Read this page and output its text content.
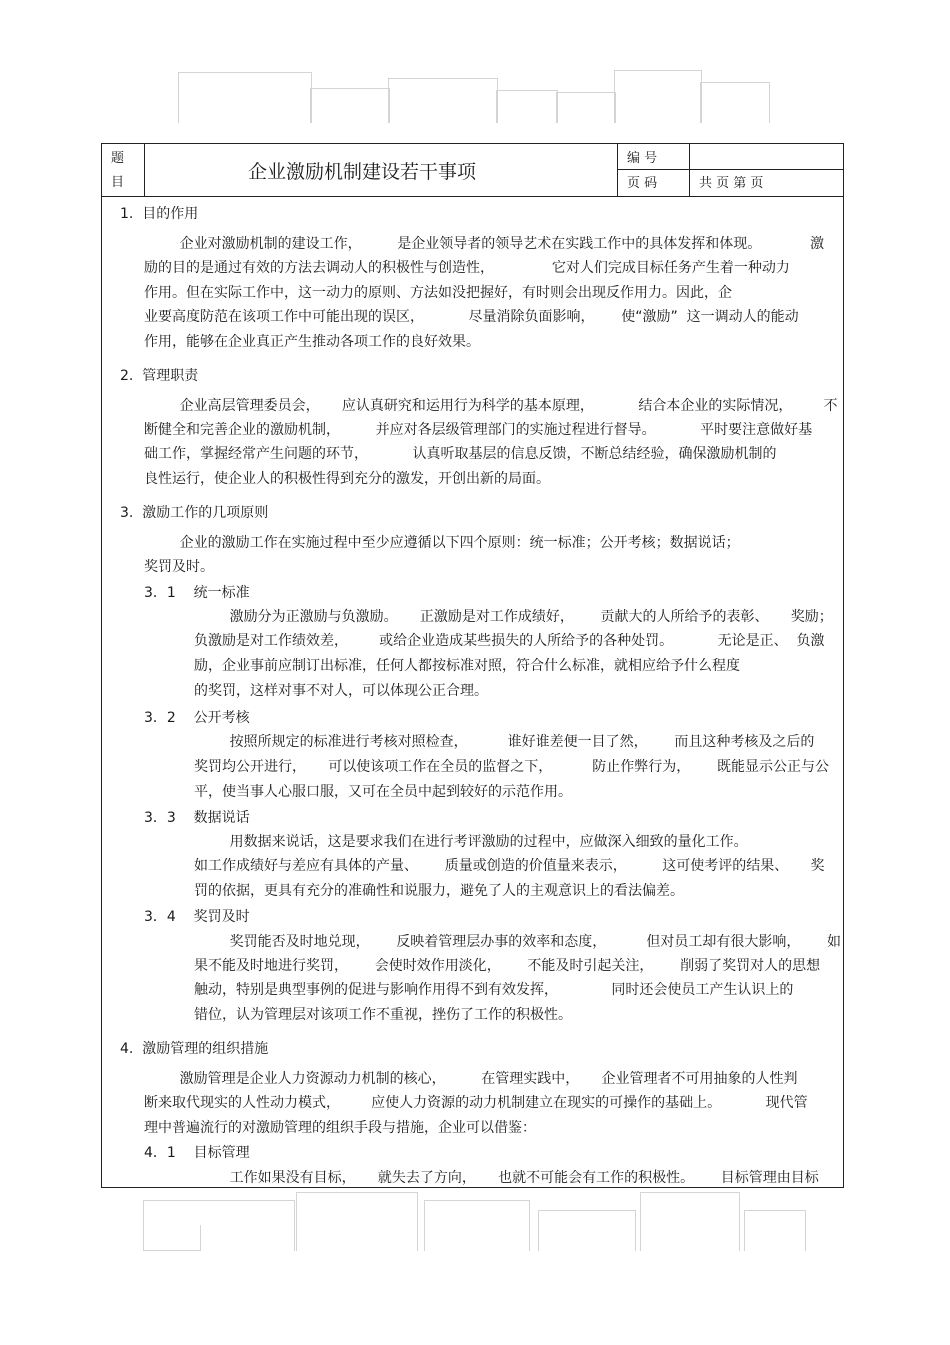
题
目	企业激励机制建设若干事项
编 号
页 码	共 页 第 页
1.  目的作用
企业对激励机制的建设工作，        是企业领导者的领导艺术在实践工作中的具体发挥和体现。           激
励的目的是通过有效的方法去调动人的积极性与创造性，             它对人们完成目标任务产生着一种动力
作用。但在实际工作中，这一动力的原则、方法如没把握好，有时则会出现反作用力。因此，企
业要高度防范在该项工作中可能出现的误区，          尽量消除负面影响，      使“激励”  这一调动人的能动
作用，能够在企业真正产生推动各项工作的良好效果。
2.  管理职责
企业高层管理委员会，     应认真研究和运用行为科学的基本原理，          结合本企业的实际情况，       不
断健全和完善企业的激励机制，        并应对各层级管理部门的实施过程进行督导。          平时要注意做好基
础工作，掌握经常产生问题的环节，          认真听取基层的信息反馈，不断总结经验，确保激励机制的
良性运行，使企业人的积极性得到充分的激发，开创出新的局面。
3.  激励工作的几项原则
企业的激励工作在实施过程中至少应遵循以下四个原则：统一标准；公开考核；数据说话；
奖罚及时。
3．1    统一标准
激励分为正激励与负激励。     正激励是对工作成绩好，      贡献大的人所给予的表彰、     奖励；
负激励是对工作绩效差，       或给企业造成某些损失的人所给予的各种处罚。          无论是正、  负激
励，企业事前应制订出标准，任何人都按标准对照，符合什么标准，就相应给予什么程度
的奖罚，这样对事不对人，可以体现公正合理。
3．2    公开考核
按照所规定的标准进行考核对照检查，         谁好谁差便一目了然，      而且这种考核及之后的
奖罚均公开进行，     可以使该项工作在全员的监督之下，         防止作弊行为，      既能显示公正与公
平，使当事人心服口服，又可在全员中起到较好的示范作用。
3．3    数据说话
用数据来说话，这是要求我们在进行考评激励的过程中，应做深入细致的量化工作。
如工作成绩好与差应有具体的产量、      质量或创造的价值量来表示，        这可使考评的结果、     奖
罚的依据，更具有充分的准确性和说服力，避免了人的主观意识上的看法偏差。
3．4    奖罚及时
奖罚能否及时地兑现，      反映着管理层办事的效率和态度，         但对员工却有很大影响，      如
果不能及时地进行奖罚，      会使时效作用淡化，      不能及时引起关注，      削弱了奖罚对人的思想
触动，特别是典型事例的促进与影响作用得不到有效发挥，            同时还会使员工产生认识上的
错位，认为管理层对该项工作不重视，挫伤了工作的积极性。
4.  激励管理的组织措施
激励管理是企业人力资源动力机制的核心，        在管理实践中，     企业管理者不可用抽象的人性判
断来取代现实的人性动力模式，       应使人力资源的动力机制建立在现实的可操作的基础上。          现代管
理中普遍流行的对激励管理的组织手段与措施，企业可以借鉴：
4．1    目标管理
工作如果没有目标，     就失去了方向，     也就不可能会有工作的积极性。      目标管理由目标
